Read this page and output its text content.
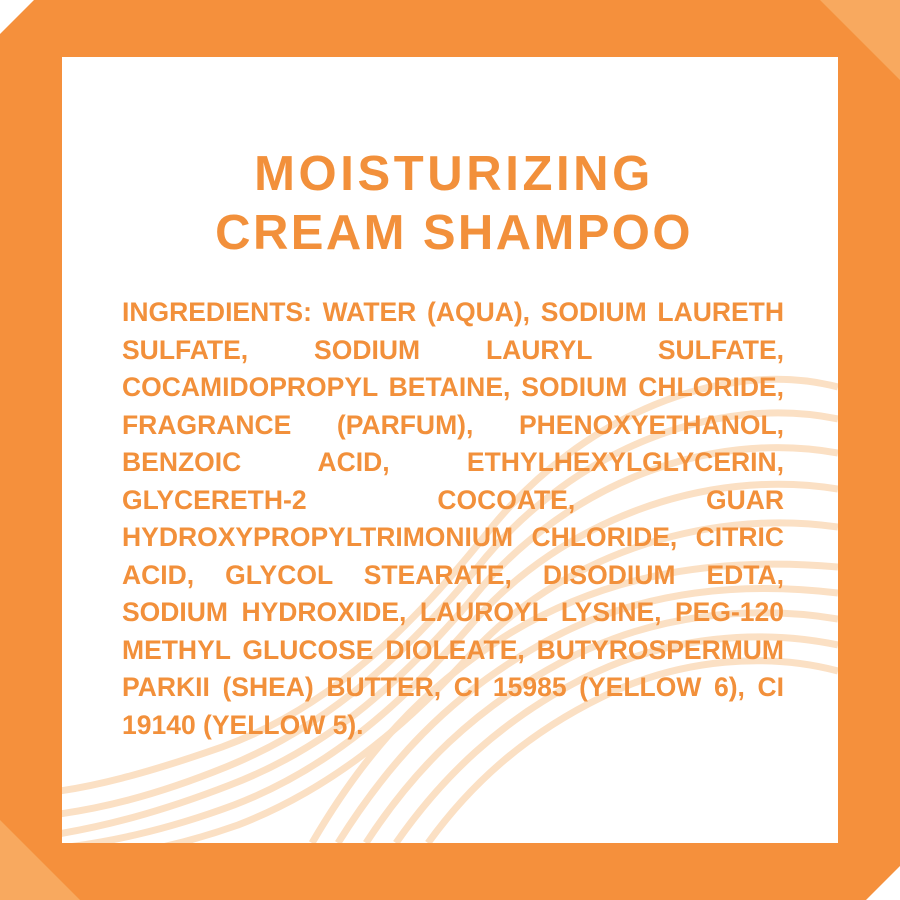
MOISTURIZING
CREAM SHAMPOO
INGREDIENTS: WATER (AQUA), SODIUM LAURETH SULFATE, SODIUM LAURYL SULFATE, COCAMIDOPROPYL BETAINE, SODIUM CHLORIDE, FRAGRANCE (PARFUM), PHENOXYETHANOL, BENZOIC ACID, ETHYLHEXYLGLYCERIN, GLYCERETH-2 COCOATE, GUAR HYDROXYPROPYLTRIMONIUM CHLORIDE, CITRIC ACID, GLYCOL STEARATE, DISODIUM EDTA, SODIUM HYDROXIDE, LAUROYL LYSINE, PEG-120 METHYL GLUCOSE DIOLEATE, BUTYROSPERMUM PARKII (SHEA) BUTTER, CI 15985 (YELLOW 6), CI 19140 (YELLOW 5).
